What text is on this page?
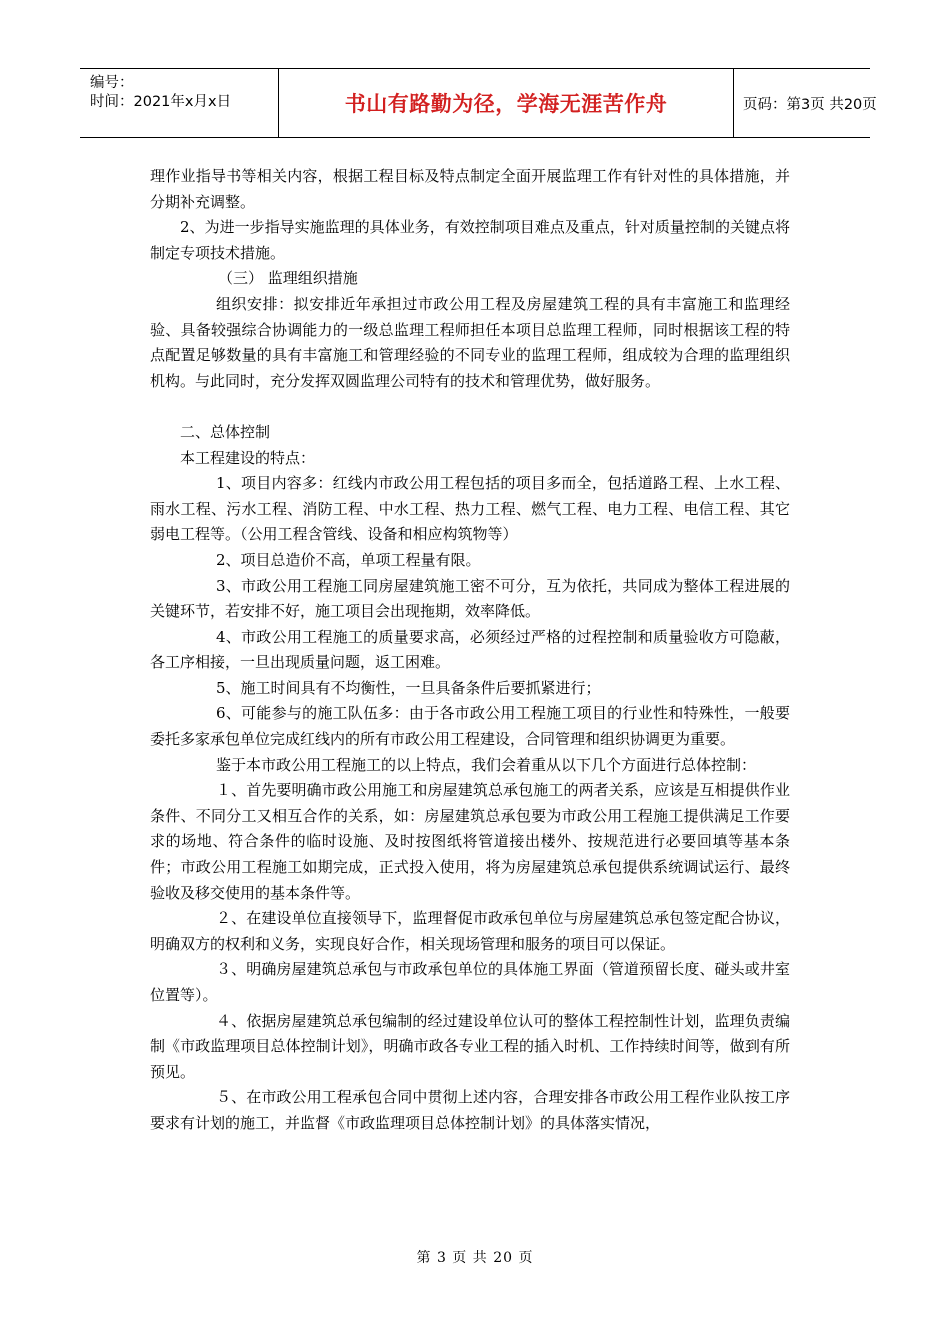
编号：
时间：2021年x月x日	书山有路勤为径，学海无涯苦作舟	页码：第3页 共20页

理作业指导书等相关内容，根据工程目标及特点制定全面开展监理工作有针对性的具体措施，并分期补充调整。

2、为进一步指导实施监理的具体业务，有效控制项目难点及重点，针对质量控制的关键点将制定专项技术措施。

（三） 监理组织措施

组织安排：拟安排近年承担过市政公用工程及房屋建筑工程的具有丰富施工和监理经验、具备较强综合协调能力的一级总监理工程师担任本项目总监理工程师，同时根据该工程的特点配置足够数量的具有丰富施工和管理经验的不同专业的监理工程师，组成较为合理的监理组织机构。与此同时，充分发挥双圆监理公司特有的技术和管理优势，做好服务。

二、总体控制

本工程建设的特点：

1、项目内容多：红线内市政公用工程包括的项目多而全，包括道路工程、上水工程、雨水工程、污水工程、消防工程、中水工程、热力工程、燃气工程、电力工程、电信工程、其它弱电工程等。（公用工程含管线、设备和相应构筑物等）

2、项目总造价不高，单项工程量有限。

3、市政公用工程施工同房屋建筑施工密不可分，互为依托，共同成为整体工程进展的关键环节，若安排不好，施工项目会出现拖期，效率降低。

4、市政公用工程施工的质量要求高，必须经过严格的过程控制和质量验收方可隐蔽，各工序相接，一旦出现质量问题，返工困难。

5、施工时间具有不均衡性，一旦具备条件后要抓紧进行；

6、可能参与的施工队伍多：由于各市政公用工程施工项目的行业性和特殊性，一般要委托多家承包单位完成红线内的所有市政公用工程建设，合同管理和组织协调更为重要。

鉴于本市政公用工程施工的以上特点，我们会着重从以下几个方面进行总体控制：

１、首先要明确市政公用施工和房屋建筑总承包施工的两者关系，应该是互相提供作业条件、不同分工又相互合作的关系，如：房屋建筑总承包要为市政公用工程施工提供满足工作要求的场地、符合条件的临时设施、及时按图纸将管道接出楼外、按规范进行必要回填等基本条件；市政公用工程施工如期完成，正式投入使用，将为房屋建筑总承包提供系统调试运行、最终验收及移交使用的基本条件等。

２、在建设单位直接领导下，监理督促市政承包单位与房屋建筑总承包签定配合协议，明确双方的权利和义务，实现良好合作，相关现场管理和服务的项目可以保证。

３、明确房屋建筑总承包与市政承包单位的具体施工界面（管道预留长度、碰头或井室位置等）。

４、依据房屋建筑总承包编制的经过建设单位认可的整体工程控制性计划，监理负责编制《市政监理项目总体控制计划》，明确市政各专业工程的插入时机、工作持续时间等，做到有所预见。

５、在市政公用工程承包合同中贯彻上述内容，合理安排各市政公用工程作业队按工序要求有计划的施工，并监督《市政监理项目总体控制计划》的具体落实情况，

第 3 页 共 20 页
